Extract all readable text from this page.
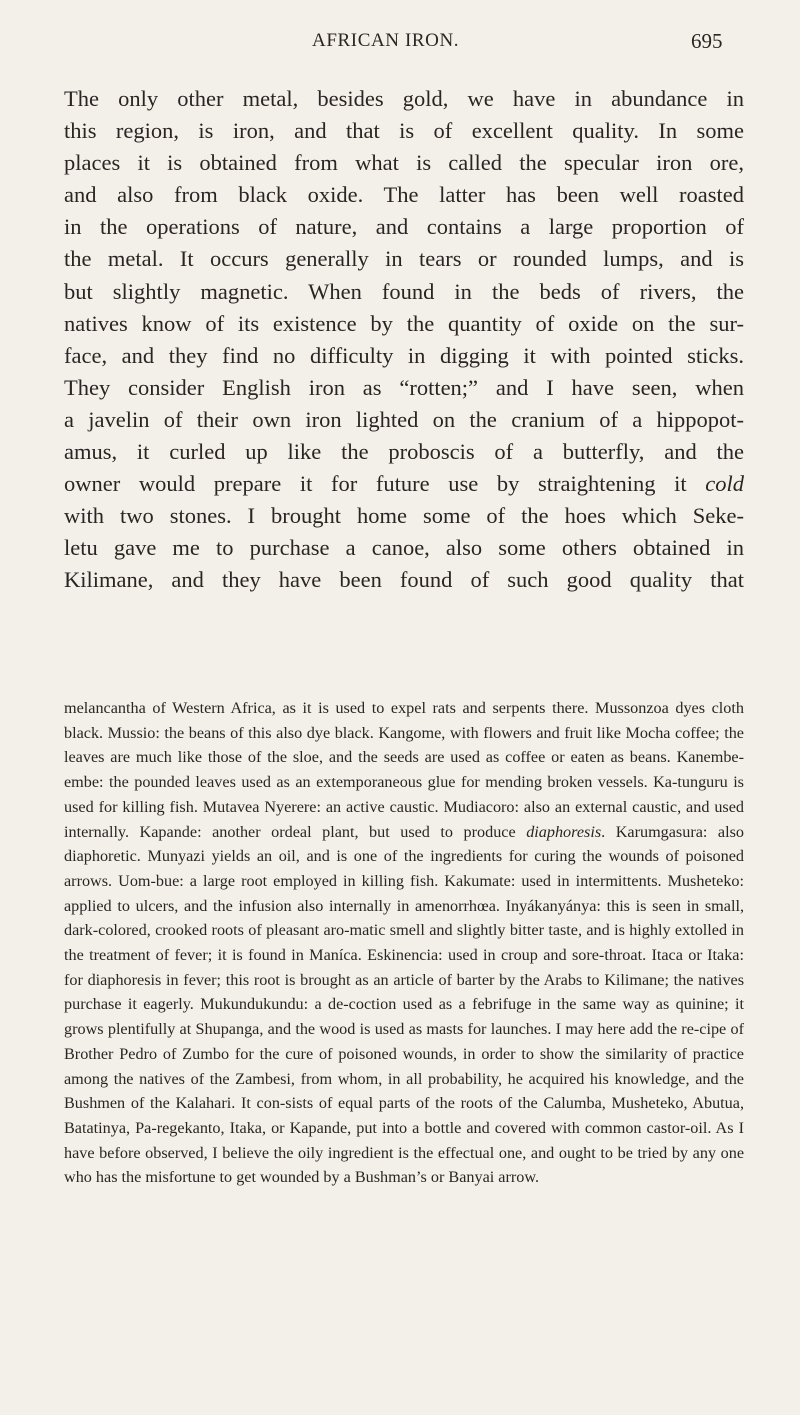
AFRICAN IRON.	695

The only other metal, besides gold, we have in abundance in
this region, is iron, and that is of excellent quality. In some
places it is obtained from what is called the specular iron ore,
and also from black oxide. The latter has been well roasted
in the operations of nature, and contains a large proportion of
the metal. It occurs generally in tears or rounded lumps, and is
but slightly magnetic. When found in the beds of rivers, the
natives know of its existence by the quantity of oxide on the sur-
face, and they find no difficulty in digging it with pointed sticks.
They consider English iron as “rotten;” and I have seen, when
a javelin of their own iron lighted on the cranium of a hippopot-
amus, it curled up like the proboscis of a butterfly, and the
owner would prepare it for future use by straightening it cold
with two stones. I brought home some of the hoes which Seke-
letu gave me to purchase a canoe, also some others obtained in
Kilimane, and they have been found of such good quality that

melancantha of Western Africa, as it is used to expel rats and serpents there. Mussonzoa dyes cloth black. Mussio: the beans of this also dye black. Kangome, with flowers and fruit like Mocha coffee; the leaves are much like those of the sloe, and the seeds are used as coffee or eaten as beans. Kanembe-embe: the pounded leaves used as an extemporaneous glue for mending broken vessels. Ka-tunguru is used for killing fish. Mutavea Nyerere: an active caustic. Mudiacoro: also an external caustic, and used internally. Kapande: another ordeal plant, but used to produce diaphoresis. Karumgasura: also diaphoretic. Munyazi yields an oil, and is one of the ingredients for curing the wounds of poisoned arrows. Uom-bue: a large root employed in killing fish. Kakumate: used in intermittents. Musheteko: applied to ulcers, and the infusion also internally in amenorrhœa. Inyákanyánya: this is seen in small, dark-colored, crooked roots of pleasant aro-matic smell and slightly bitter taste, and is highly extolled in the treatment of fever; it is found in Maníca. Eskinencia: used in croup and sore-throat. Itaca or Itaka: for diaphoresis in fever; this root is brought as an article of barter by the Arabs to Kilimane; the natives purchase it eagerly. Mukundukundu: a de-coction used as a febrifuge in the same way as quinine; it grows plentifully at Shupanga, and the wood is used as masts for launches. I may here add the re-cipe of Brother Pedro of Zumbo for the cure of poisoned wounds, in order to show the similarity of practice among the natives of the Zambesi, from whom, in all probability, he acquired his knowledge, and the Bushmen of the Kalahari. It con-sists of equal parts of the roots of the Calumba, Musheteko, Abutua, Batatinya, Pa-regekanto, Itaka, or Kapande, put into a bottle and covered with common castor-oil. As I have before observed, I believe the oily ingredient is the effectual one, and ought to be tried by any one who has the misfortune to get wounded by a Bushman’s or Banyai arrow.
